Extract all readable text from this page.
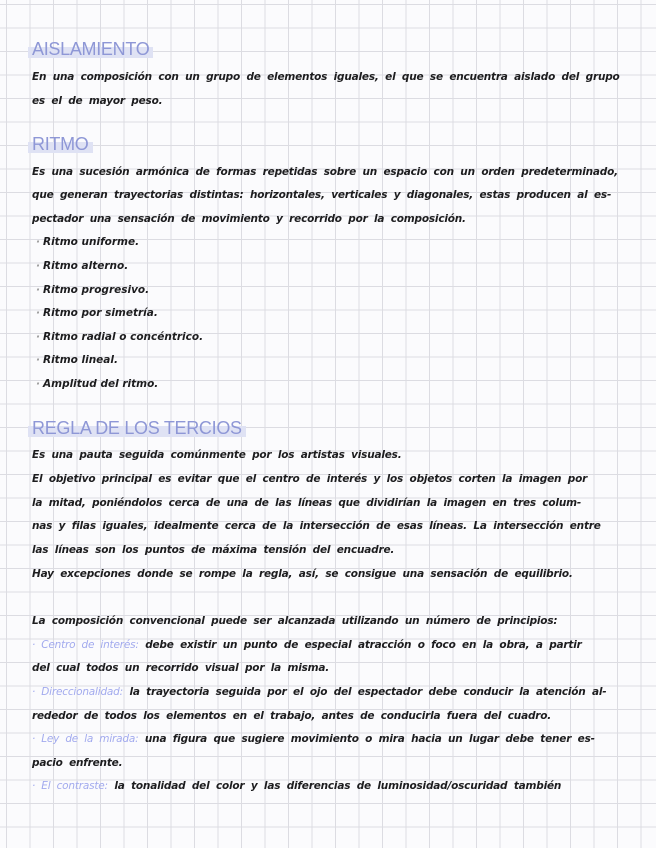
AISLAMIENTO
En una composición con un grupo de elementos iguales, el que se encuentra aislado del grupo
es el de mayor peso.
RITMO
Es una sucesión armónica de formas repetidas sobre un espacio con un orden predeterminado,
que generan trayectorias distintas: horizontales, verticales y diagonales, estas producen al es-
pectador una sensación de movimiento y recorrido por la composición.
· Ritmo uniforme.
· Ritmo alterno.
· Ritmo progresivo.
· Ritmo por simetría.
· Ritmo radial o concéntrico.
· Ritmo lineal.
· Amplitud del ritmo.
REGLA DE LOS TERCIOS
Es una pauta seguida comúnmente por los artistas visuales.
El objetivo principal es evitar que el centro de interés y los objetos corten la imagen por
la mitad, poniéndolos cerca de una de las líneas que dividirían la imagen en tres colum-
nas y filas iguales, idealmente cerca de la intersección de esas líneas. La intersección entre
las líneas son los puntos de máxima tensión del encuadre.
Hay excepciones donde se rompe la regla, así, se consigue una sensación de equilibrio.
La composición convencional puede ser alcanzada utilizando un número de principios:
· Centro de interés: debe existir un punto de especial atracción o foco en la obra, a partir
del cual todos un recorrido visual por la misma.
· Direccionalidad: la trayectoria seguida por el ojo del espectador debe conducir la atención al-
rededor de todos los elementos en el trabajo, antes de conducirla fuera del cuadro.
· Ley de la mirada: una figura que sugiere movimiento o mira hacia un lugar debe tener es-
pacio enfrente.
· El contraste: la tonalidad del color y las diferencias de luminosidad/oscuridad también
